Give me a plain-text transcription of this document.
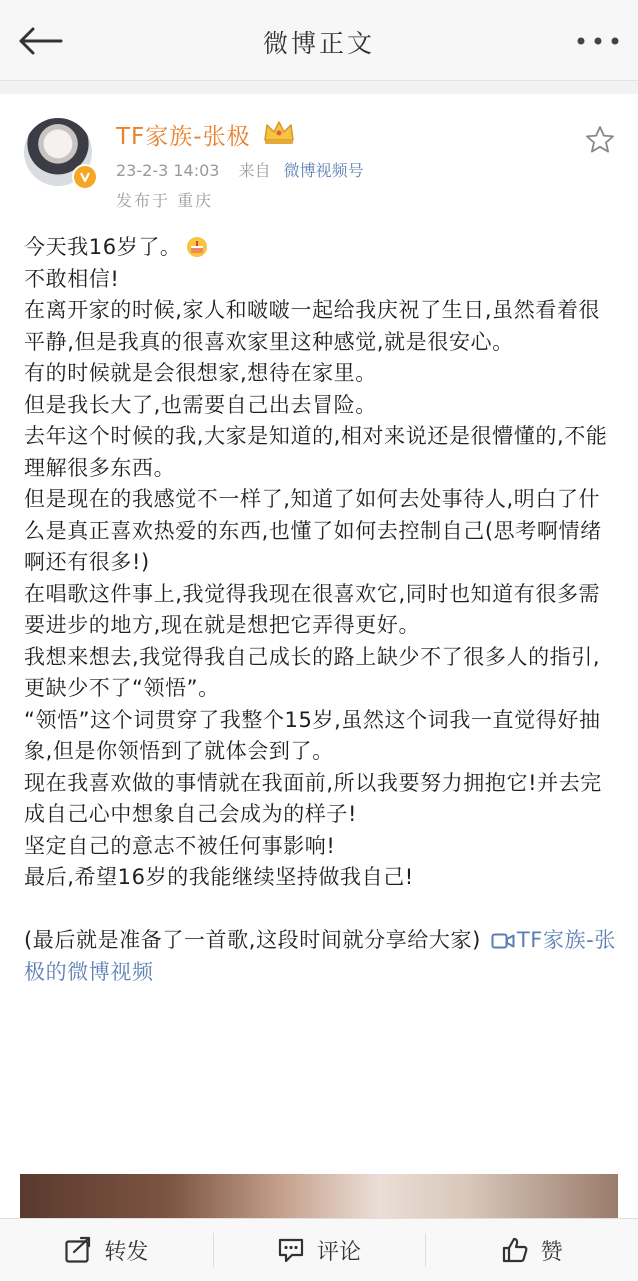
微博正文
TF家族-张极
23-2-3 14:03 来自 微博视频号
发布于 重庆
今天我16岁了。
不敢相信!
在离开家的时候,家人和啵啵一起给我庆祝了生日,虽然看着很平静,但是我真的很喜欢家里这种感觉,就是很安心。
有的时候就是会很想家,想待在家里。
但是我长大了,也需要自己出去冒险。
去年这个时候的我,大家是知道的,相对来说还是很懵懂的,不能理解很多东西。
但是现在的我感觉不一样了,知道了如何去处事待人,明白了什么是真正喜欢热爱的东西,也懂了如何去控制自己(思考啊情绪啊还有很多!)
在唱歌这件事上,我觉得我现在很喜欢它,同时也知道有很多需要进步的地方,现在就是想把它弄得更好。
我想来想去,我觉得我自己成长的路上缺少不了很多人的指引,更缺少不了“领悟”。
“领悟”这个词贯穿了我整个15岁,虽然这个词我一直觉得好抽象,但是你领悟到了就体会到了。
现在我喜欢做的事情就在我面前,所以我要努力拥抱它!并去完成自己心中想象自己会成为的样子!
坚定自己的意志不被任何事影响!
最后,希望16岁的我能继续坚持做我自己!

(最后就是准备了一首歌,这段时间就分享给大家) TF家族-张极的微博视频
转发	评论	赞
